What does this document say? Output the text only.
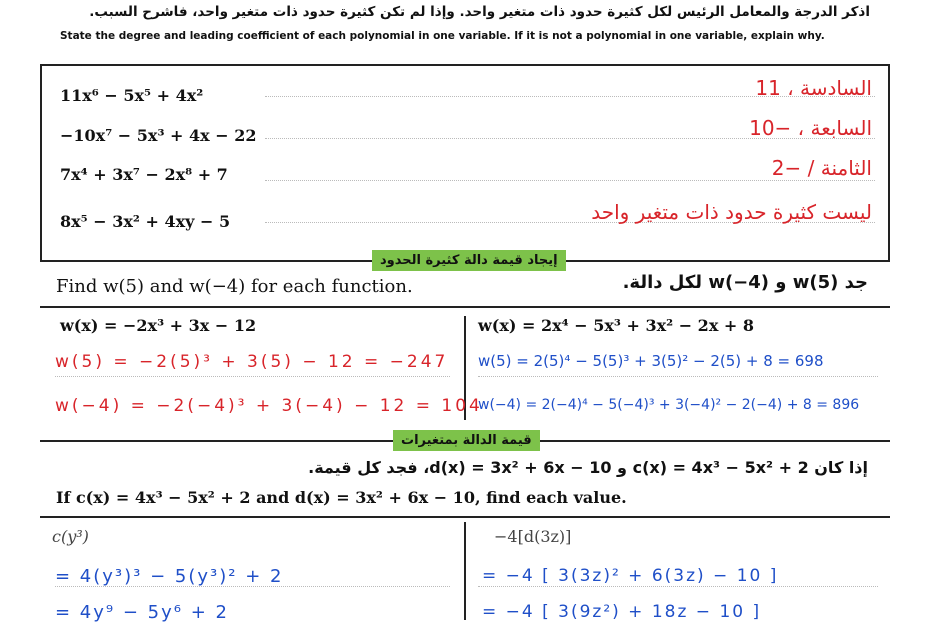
اذكر الدرجة والمعامل الرئيس لكل كثيرة حدود ذات متغير واحد. وإذا لم تكن كثيرة حدود ذات متغير واحد، فاشرح السبب.
State the degree and leading coefficient of each polynomial in one variable. If it is not a polynomial in one variable, explain why.
11x⁶ − 5x⁵ + 4x²	السادسة ، 11
−10x⁷ − 5x³ + 4x − 22	السابعة ، −10
7x⁴ + 3x⁷ − 2x⁸ + 7	الثامنة / −2
8x⁵ − 3x² + 4xy − 5	ليست كثيرة حدود ذات متغير واحد
إيجاد قيمة دالة كثيرة الحدود
Find w(5) and w(−4) for each function.	جد w(5) و w(−4) لكل دالة.
w(x) = −2x³ + 3x − 12
w(5) = −2(5)³ + 3(5) − 12 = −247
w(−4) = −2(−4)³ + 3(−4) − 12 = 104
w(x) = 2x⁴ − 5x³ + 3x² − 2x + 8
w(5) = 2(5)⁴ − 5(5)³ + 3(5)² − 2(5) + 8 = 698
w(−4) = 2(−4)⁴ − 5(−4)³ + 3(−4)² − 2(−4) + 8 = 896
قيمة الدالة بمتغيرات
إذا كان c(x) = 4x³ − 5x² + 2 و d(x) = 3x² + 6x − 10، فجد كل قيمة.
If c(x) = 4x³ − 5x² + 2 and d(x) = 3x² + 6x − 10, find each value.
c(y³)
= 4(y³)³ − 5(y³)² + 2
= 4y⁹ − 5y⁶ + 2
−4[d(3z)]
= −4 [ 3(3z)² + 6(3z) − 10 ]
= −4 [ 3(9z²) + 18z − 10 ]
